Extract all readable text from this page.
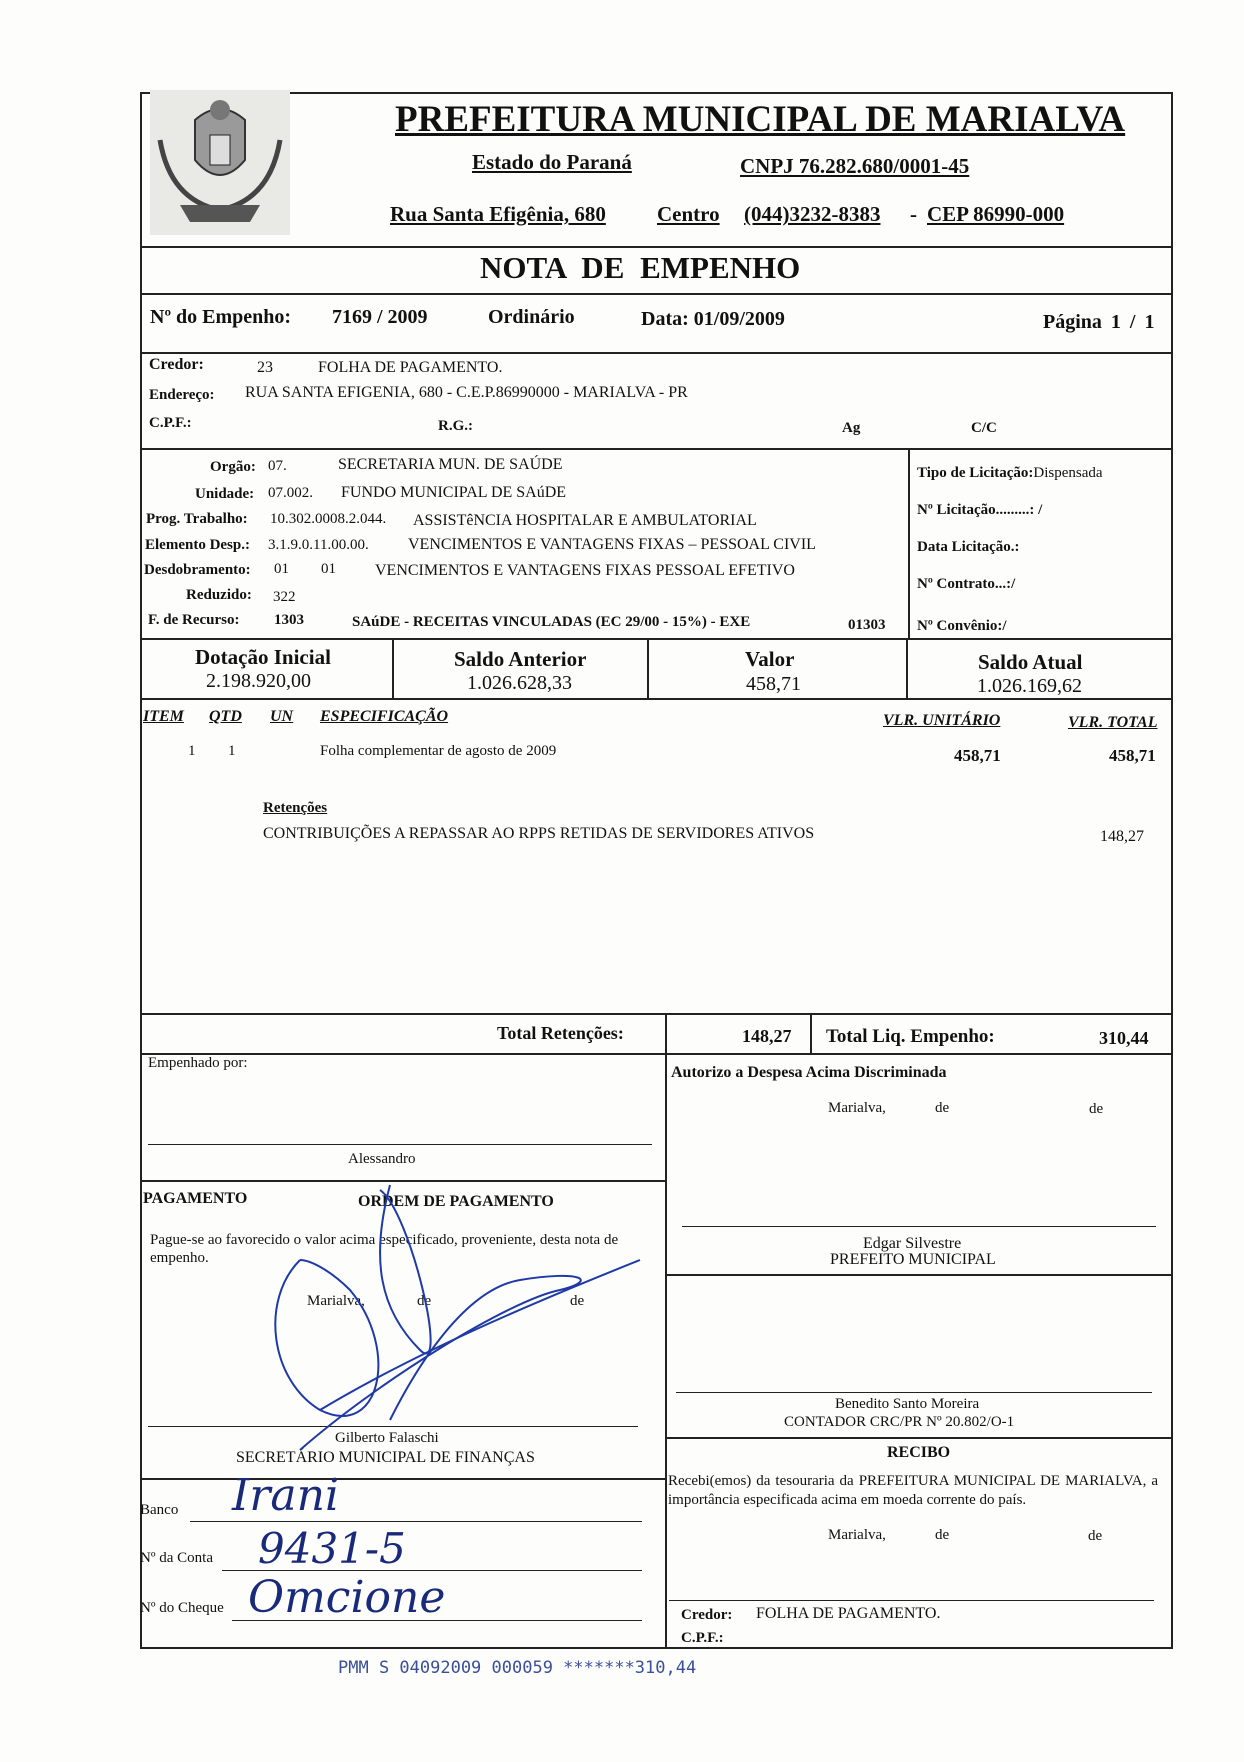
PREFEITURA MUNICIPAL DE MARIALVA
Estado do Paraná	CNPJ 76.282.680/0001-45
Rua Santa Efigênia, 680 Centro (044)3232-8383 - CEP 86990-000
NOTA DE EMPENHO
Nº do Empenho: 7169 / 2009	Ordinário	Data: 01/09/2009	Página 1 / 1
Credor:	23	FOLHA DE PAGAMENTO.
Endereço: RUA SANTA EFIGENIA, 680 - C.E.P.86990000 - MARIALVA - PR
C.P.F.:	R.G.:	Ag	C/C
Orgão: 07.	SECRETARIA MUN. DE SAÚDE
Unidade: 07.002. FUNDO MUNICIPAL DE SAúDE
Prog. Trabalho: 10.302.0008.2.044. ASSISTêNCIA HOSPITALAR E AMBULATORIAL
Elemento Desp.: 3.1.9.0.11.00.00. VENCIMENTOS E VANTAGENS FIXAS – PESSOAL CIVIL
Desdobramento: 01 01 VENCIMENTOS E VANTAGENS FIXAS PESSOAL EFETIVO
Reduzido: 322
F. de Recurso: 1303	SAúDE - RECEITAS VINCULADAS (EC 29/00 - 15%) - EXE	01303
Tipo de Licitação:Dispensada
Nº Licitação.........: /
Data Licitação.:
Nº Contrato...:/
Nº Convênio:/
Dotação Inicial
2.198.920,00
Saldo Anterior
1.026.628,33
Valor
458,71
Saldo Atual
1.026.169,62
ITEM QTD UN ESPECIFICAÇÃO	VLR. UNITÁRIO	VLR. TOTAL
1 1	Folha complementar de agosto de 2009	458,71	458,71
Retenções
CONTRIBUIÇÕES A REPASSAR AO RPPS RETIDAS DE SERVIDORES ATIVOS	148,27
Total Retenções:	148,27 Total Liq. Empenho:	310,44
Empenhado por:
Alessandro
PAGAMENTO	ORDEM DE PAGAMENTO
Pague-se ao favorecido o valor acima especificado, proveniente, desta nota de empenho.
Marialva,	de	de
Gilberto Falaschi
SECRETÁRIO MUNICIPAL DE FINANÇAS
Banco Irani
Nº da Conta 9431-5
Nº do Cheque Omcione
Autorizo a Despesa Acima Discriminada
Marialva,	de	de
Edgar Silvestre
PREFEITO MUNICIPAL
Benedito Santo Moreira
CONTADOR CRC/PR Nº 20.802/O-1
RECIBO
Recebi(emos) da tesouraria da PREFEITURA MUNICIPAL DE MARIALVA, a importância especificada acima em moeda corrente do país.
Marialva,	de	de
Credor: FOLHA DE PAGAMENTO.
C.P.F.:
PMM S 04092009 000059 *******310,44
